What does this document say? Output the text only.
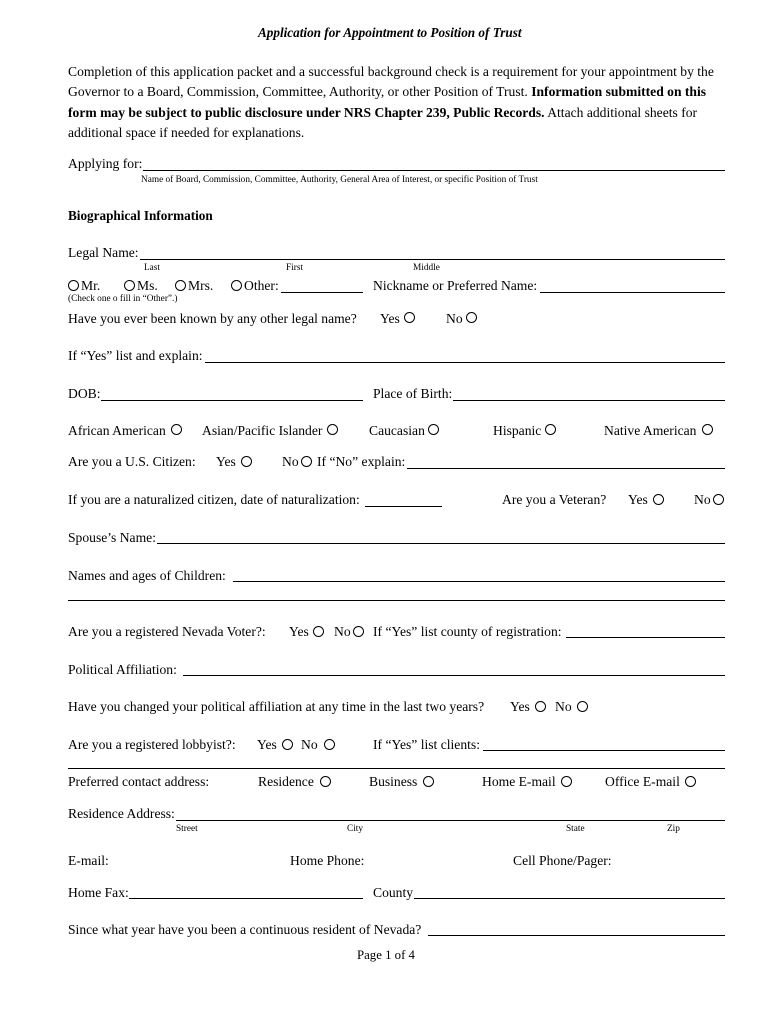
Application for Appointment to Position of Trust
Completion of this application packet and a successful background check is a requirement for your appointment by the Governor to a Board, Commission, Committee, Authority, or other Position of Trust. Information submitted on this form may be subject to public disclosure under NRS Chapter 239, Public Records. Attach additional sheets for additional space if needed for explanations.
Applying for:
Name of Board, Commission, Committee, Authority, General Area of Interest, or specific Position of Trust
Biographical Information
Legal Name:
Last	First	Middle
Mr.	Ms. Mrs. Other:	Nickname or Preferred Name:
(Check one o fill in “Other”.)
Have you ever been known by any other legal name? Yes	No
If “Yes” list and explain:
DOB:	Place of Birth:
African American	Asian/Pacific Islander	Caucasian	Hispanic	Native American
Are you a U.S. Citizen: Yes	No If “No” explain:
If you are a naturalized citizen, date of naturalization:	Are you a Veteran? Yes	No
Spouse’s Name:
Names and ages of Children:
Are you a registered Nevada Voter?: Yes No If “Yes” list county of registration:
Political Affiliation:
Have you changed your political affiliation at any time in the last two years? Yes No
Are you a registered lobbyist?: Yes No	If “Yes” list clients:
Preferred contact address:	Residence	Business	Home E-mail	Office E-mail
Residence Address:
Street	City	State	Zip
E-mail:	Home Phone:	Cell Phone/Pager:
Home Fax:	County
Since what year have you been a continuous resident of Nevada?
Page 1 of 4
